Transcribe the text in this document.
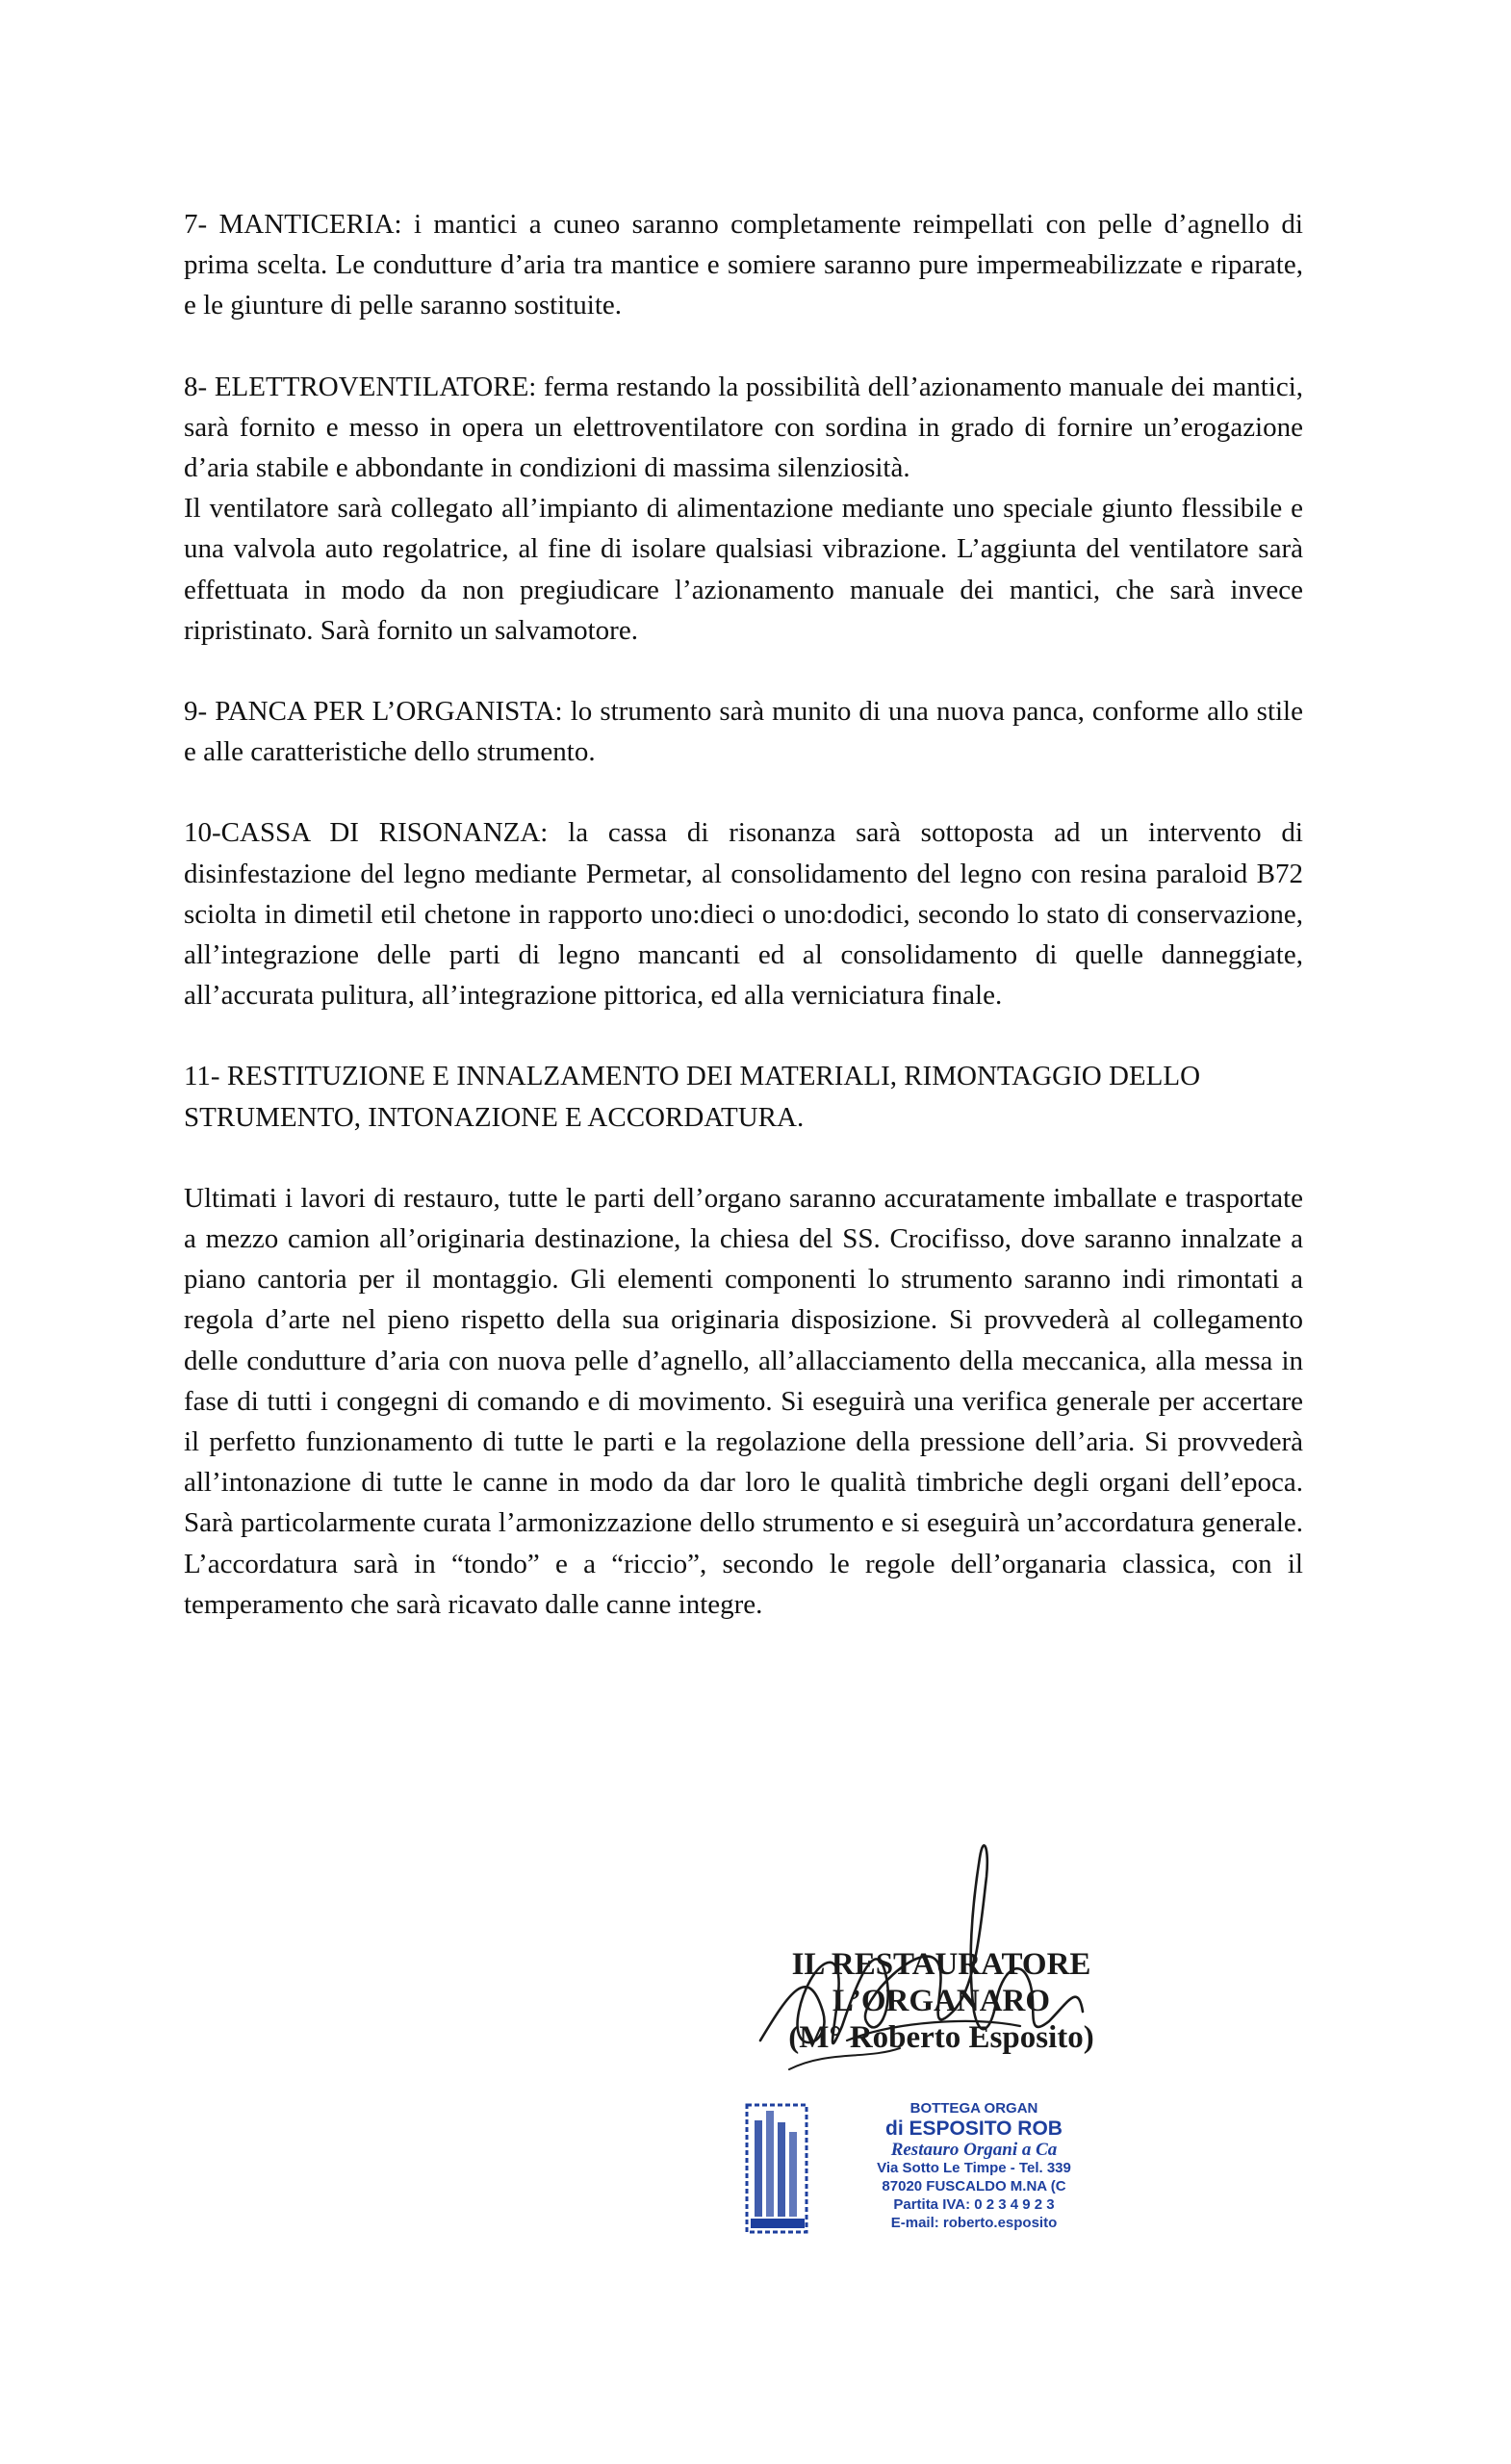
7- MANTICERIA: i mantici a cuneo saranno completamente reimpellati con pelle d’agnello di prima scelta. Le condutture d’aria tra mantice e somiere saranno pure impermeabilizzate e riparate, e le giunture di pelle saranno sostituite.

8- ELETTROVENTILATORE: ferma restando la possibilità dell’azionamento manuale dei mantici, sarà fornito e messo in opera un elettroventilatore con sordina in grado di fornire un’erogazione d’aria stabile e abbondante in condizioni di massima silenziosità.

Il ventilatore sarà collegato all’impianto di alimentazione mediante uno speciale giunto flessibile e una valvola auto regolatrice, al fine di isolare qualsiasi vibrazione. L’aggiunta del ventilatore sarà effettuata in modo da non pregiudicare l’azionamento manuale dei mantici, che sarà invece ripristinato. Sarà fornito un salvamotore.

9- PANCA PER L’ORGANISTA: lo strumento sarà munito di una nuova panca, conforme allo stile e alle caratteristiche dello strumento.

10-CASSA DI RISONANZA: la cassa di risonanza sarà sottoposta ad un intervento di disinfestazione del legno mediante Permetar, al consolidamento del legno con resina paraloid B72 sciolta in dimetil etil chetone in rapporto uno:dieci o uno:dodici, secondo lo stato di conservazione, all’integrazione delle parti di legno mancanti ed al consolidamento di quelle danneggiate, all’accurata pulitura, all’integrazione pittorica, ed alla verniciatura finale.

11- RESTITUZIONE E INNALZAMENTO DEI MATERIALI, RIMONTAGGIO DELLO STRUMENTO, INTONAZIONE E ACCORDATURA.

Ultimati i lavori di restauro, tutte le parti dell’organo saranno accuratamente imballate e trasportate a mezzo camion all’originaria destinazione, la chiesa del SS. Crocifisso, dove saranno innalzate a piano cantoria per il montaggio. Gli elementi componenti lo strumento saranno indi rimontati a regola d’arte nel pieno rispetto della sua originaria disposizione. Si provvederà al collegamento delle condutture d’aria con nuova pelle d’agnello, all’allacciamento della meccanica, alla messa in fase di tutti i congegni di comando e di movimento. Si eseguirà una verifica generale per accertare il perfetto funzionamento di tutte le parti e la regolazione della pressione dell’aria. Si provvederà all’intonazione di tutte le canne in modo da dar loro le qualità timbriche degli organi dell’epoca. Sarà particolarmente curata l’armonizzazione dello strumento e si eseguirà un’accordatura generale. L’accordatura sarà in “tondo” e a “riccio”, secondo le regole dell’organaria classica, con il temperamento che sarà ricavato dalle canne integre.

IL RESTAURATORE
L’ORGANARO
(M° Roberto Esposito)
BOTTEGA ORGAN
di ESPOSITO ROB
Restauro Organi a Ca
Via Sotto Le Timpe - Tel. 339
87020 FUSCALDO M.NA (C
Partita IVA: 0 2 3 4 9 2 3
E-mail: roberto.esposito
